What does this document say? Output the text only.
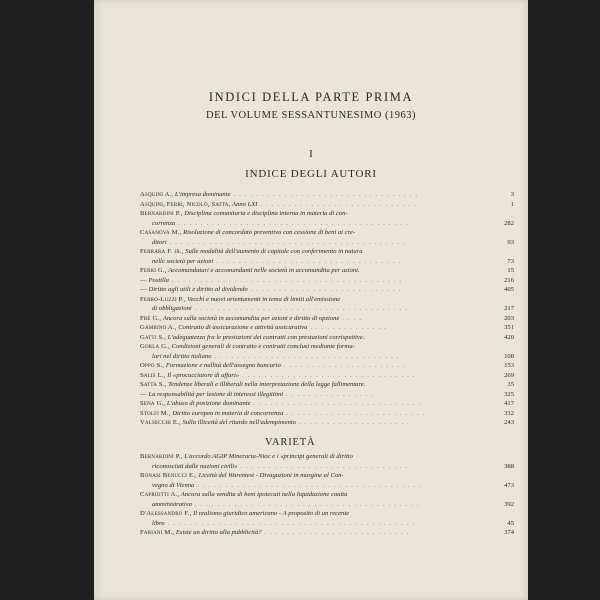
INDICI DELLA PARTE PRIMA
DEL VOLUME SESSANTUNESIMO (1963)
I
INDICE DEGLI AUTORI
Asquini A., L'impresa dominante . . . . . . . . . . . . . . . . . . . . . . . . . . . . . . . . .	3
Asquini, Ferri, Nicolò, Satta, Anno LXI . . . . . . . . . . . . . . . . . . . . . . . . . . . .	1
Bernardini P., Disciplina comunitaria e disciplina interna in materia di con-
correnza . . . . . . . . . . . . . . . . . . . . . . . . . . . . . . . . . . . . . . . . .	282
Casanova M., Risoluzione di concordato preventivo con cessione di beni ai cre-
ditori . . . . . . . . . . . . . . . . . . . . . . . . . . . . . . . . . . . . . . . . . .	93
Ferrara F. jr., Sulle modalità dell'aumento di capitale con conferimento in natura
nelle società per azioni . . . . . . . . . . . . . . . . . . . . . . . . . . . . . . . . .	73
Ferri G., Accomandatari e accomandanti nelle società in accomandita per azioni.	15
— Postilla . . . . . . . . . . . . . . . . . . . . . . . . . . . . . . . . . . . . . . . . .	216
— Diritto agli utili e diritto al dividendo . . . . . . . . . . . . . . . . . . . . . . . . . . .	405
Ferro-Luzzi P., Vecchi e nuovi orientamenti in tema di limiti all'emissione
di obbligazioni . . . . . . . . . . . . . . . . . . . . . . . . . . . . . . . . . . . . . .	217
Frè G., Ancora sulla società in accomandita per azioni e diritto di opzione . . . .	203
Gambino A., Contratto di assicurazione e attività assicurativa . . . . . . . . . . . . . .	351
Gatti S., L'adeguatezza fra le prestazioni dei contratti con prestazioni corrispettive.	420
Gorla G., Condizioni generali di contratto e contratti conclusi mediante formu-
lari nel diritto italiano . . . . . . . . . . . . . . . . . . . . . . . . . . . . . . . . .	108
Oppo S., Formazione e nullità dell'assegno bancario . . . . . . . . . . . . . . . . . . . . . .	153
Salis L., Il «procacciatore di affari» . . . . . . . . . . . . . . . . . . . . . . . . . . . . . . .	269
Satta S., Tendenze liberali e illiberali nella interpretazione della legge fallimentare.	35
— La responsabilità per lesione di interessi illegittimi . . . . . . . . . . . . . . . .	325
Sena G., L'abuso di posizione dominante . . . . . . . . . . . . . . . . . . . . . . . . . . . . . .	417
Stolfi M., Diritto europeo in materia di concorrenza . . . . . . . . . . . . . . . . . . . . . . . . .	332
Valsecchi E., Sulla illiceità del ritardo nell'adempimento . . . . . . . . . . . . . . . . . . . .	243
VARIETÀ
Bernardini P., L'accordo AGIP Mineraria-Nioc e i «principi generali di diritto
riconosciuti dalle nazioni civili» . . . . . . . . . . . . . . . . . . . . . . . . . . . . . .	388
Bonasi Benucci E., Liceità del Warentest - Divagazioni in margine al Con-
vegno di Vienna . . . . . . . . . . . . . . . . . . . . . . . . . . . . . . . . . . . . . . . .	473
Capriotti A., Ancora sulla vendita di beni ipotecati nella liquidazione coatta
amministrativa . . . . . . . . . . . . . . . . . . . . . . . . . . . . . . . . . . . . . . . .	392
D'Alessandro F., Il realismo giuridico americano - A proposito di un recente
libro . . . . . . . . . . . . . . . . . . . . . . . . . . . . . . . . . . . . . . . . . . . .	45
Fabiani M., Esiste un diritto alla pubblicità? . . . . . . . . . . . . . . . . . . . . . . . . . .	374
